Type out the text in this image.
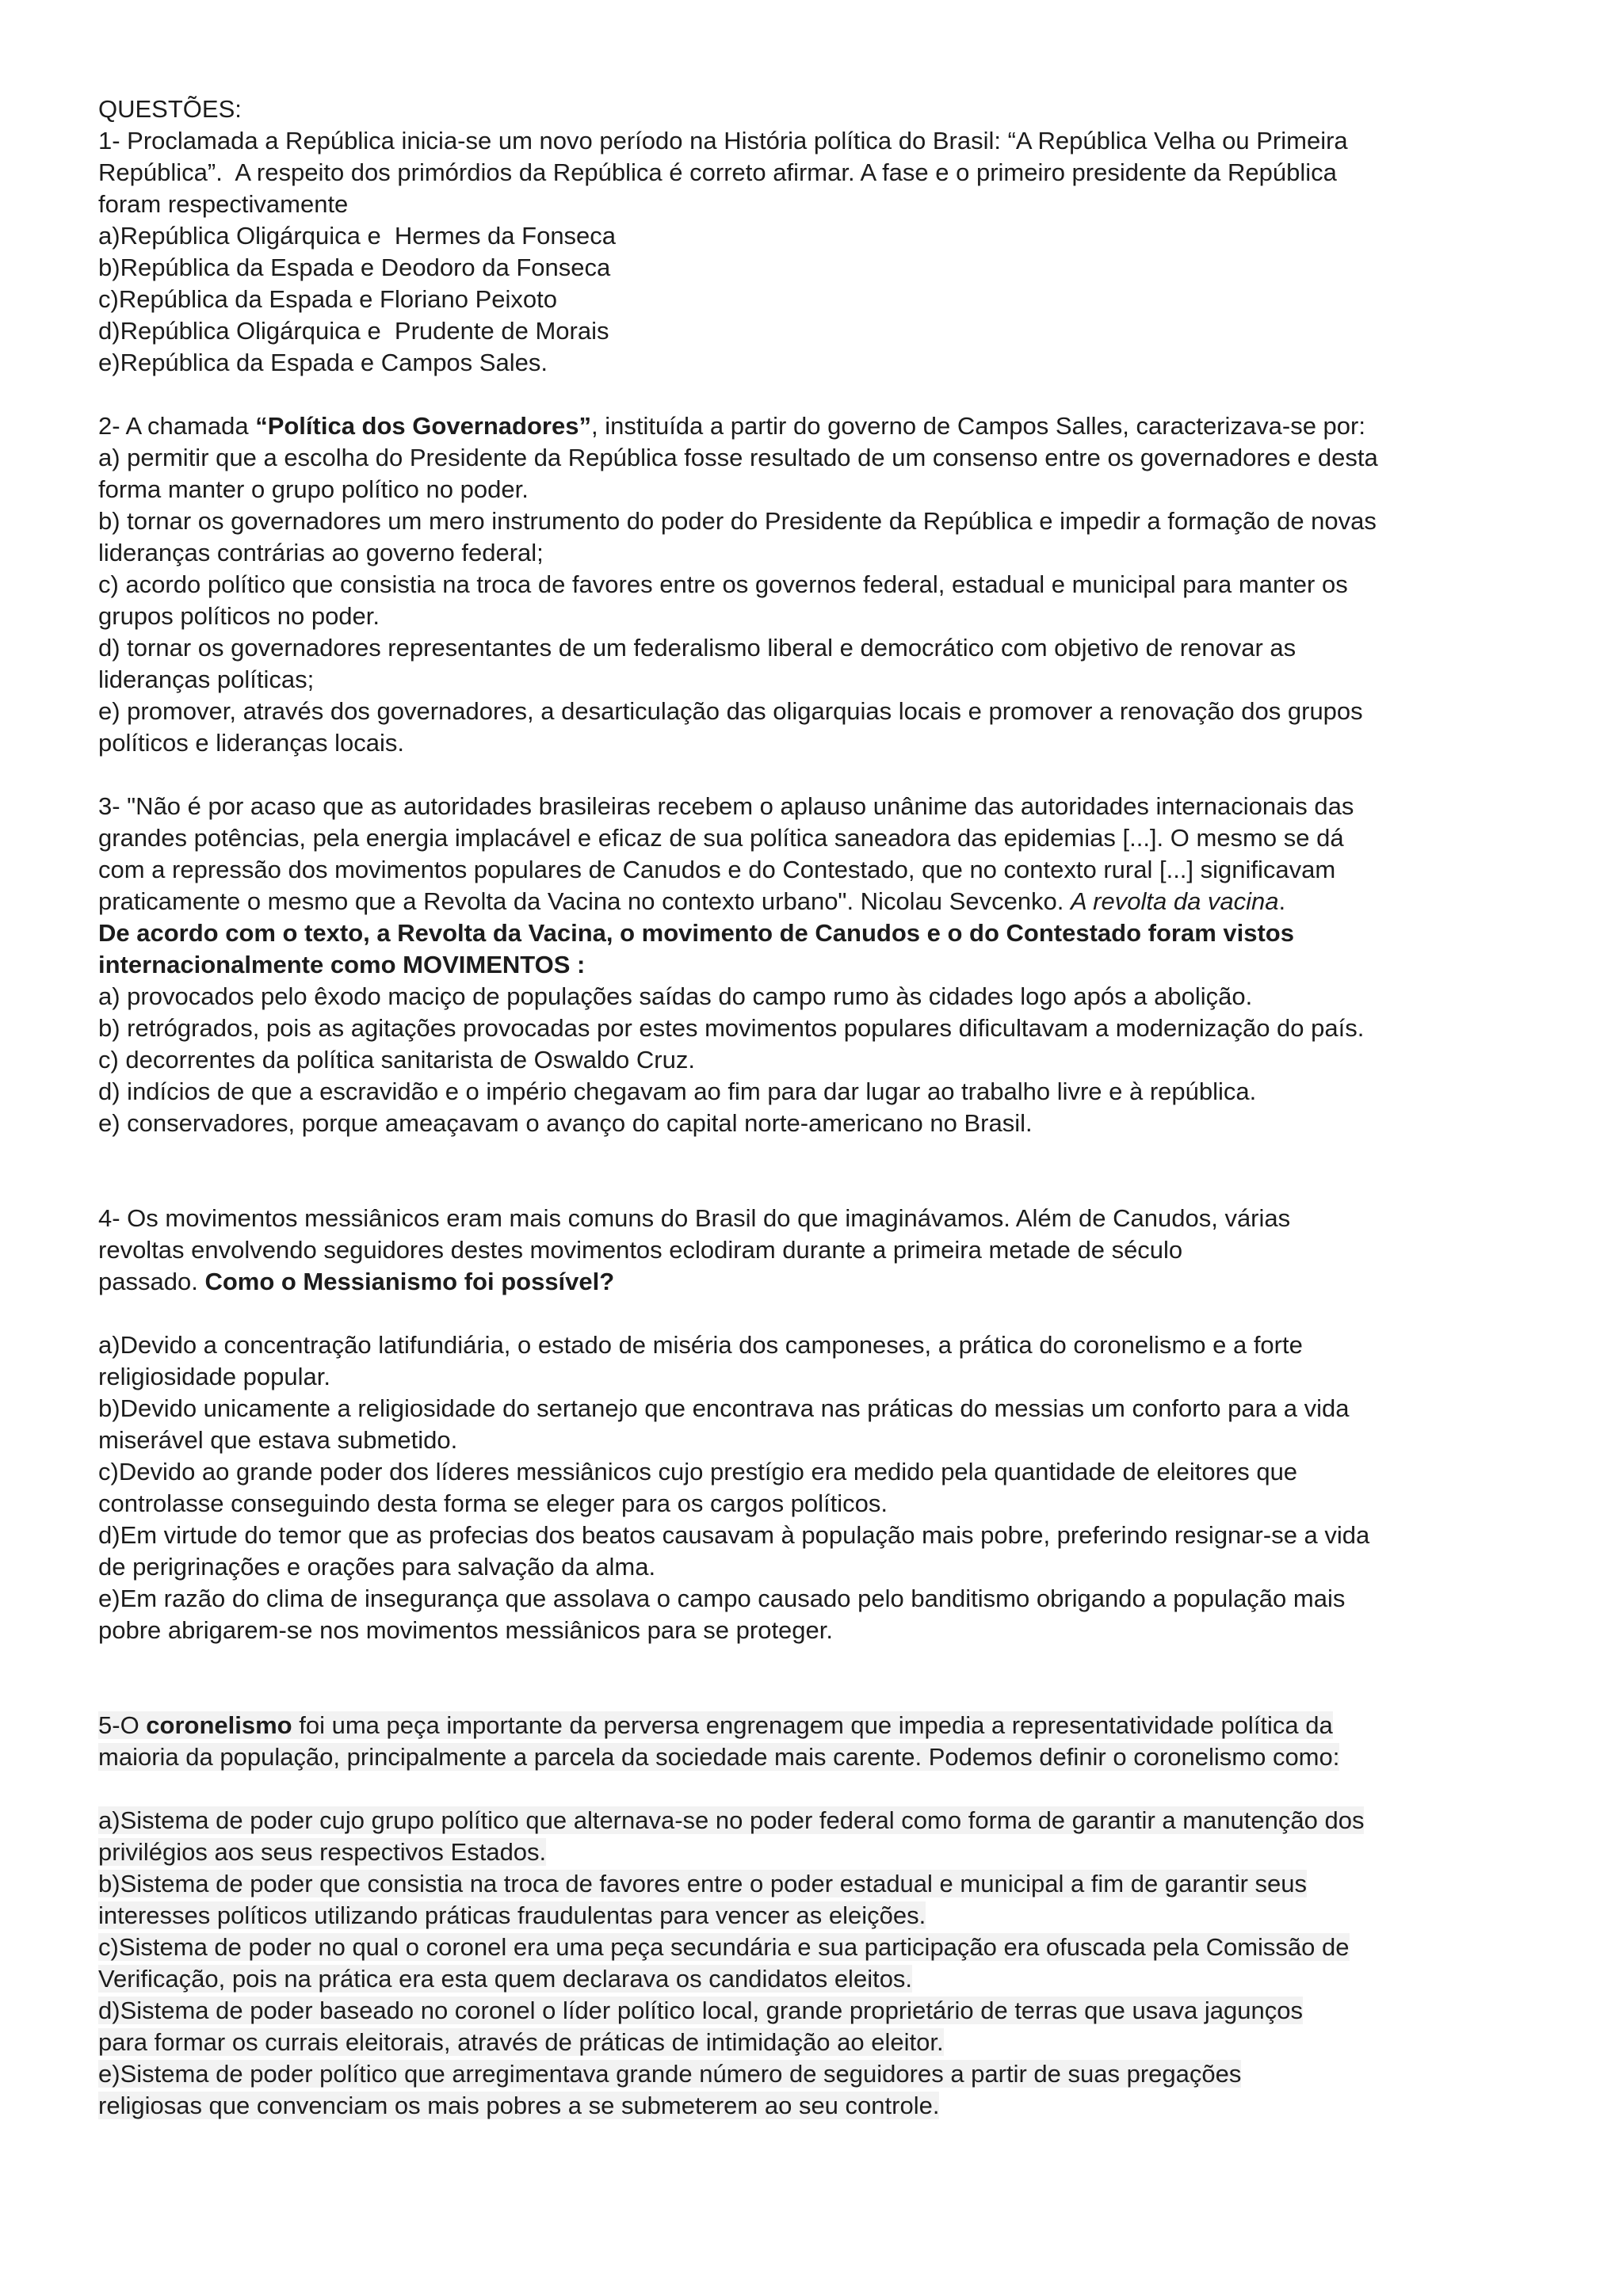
QUESTÕES:

1- Proclamada a República inicia-se um novo período na História política do Brasil: “A República Velha ou Primeira

República”.  A respeito dos primórdios da República é correto afirmar. A fase e o primeiro presidente da República

foram respectivamente

a)República Oligárquica e  Hermes da Fonseca

b)República da Espada e Deodoro da Fonseca

c)República da Espada e Floriano Peixoto

d)República Oligárquica e  Prudente de Morais

e)República da Espada e Campos Sales.

2- A chamada “Política dos Governadores”, instituída a partir do governo de Campos Salles, caracterizava-se por:

a) permitir que a escolha do Presidente da República fosse resultado de um consenso entre os governadores e desta

forma manter o grupo político no poder.

b) tornar os governadores um mero instrumento do poder do Presidente da República e impedir a formação de novas

lideranças contrárias ao governo federal;

c) acordo político que consistia na troca de favores entre os governos federal, estadual e municipal para manter os

grupos políticos no poder.

d) tornar os governadores representantes de um federalismo liberal e democrático com objetivo de renovar as

lideranças políticas;

e) promover, através dos governadores, a desarticulação das oligarquias locais e promover a renovação dos grupos

políticos e lideranças locais.

3- "Não é por acaso que as autoridades brasileiras recebem o aplauso unânime das autoridades internacionais das

grandes potências, pela energia implacável e eficaz de sua política saneadora das epidemias [...]. O mesmo se dá

com a repressão dos movimentos populares de Canudos e do Contestado, que no contexto rural [...] significavam

praticamente o mesmo que a Revolta da Vacina no contexto urbano". Nicolau Sevcenko. A revolta da vacina.

De acordo com o texto, a Revolta da Vacina, o movimento de Canudos e o do Contestado foram vistos

internacionalmente como MOVIMENTOS :

a) provocados pelo êxodo maciço de populações saídas do campo rumo às cidades logo após a abolição.

b) retrógrados, pois as agitações provocadas por estes movimentos populares dificultavam a modernização do país.

c) decorrentes da política sanitarista de Oswaldo Cruz.

d) indícios de que a escravidão e o império chegavam ao fim para dar lugar ao trabalho livre e à república.

e) conservadores, porque ameaçavam o avanço do capital norte-americano no Brasil.

4- Os movimentos messiânicos eram mais comuns do Brasil do que imaginávamos. Além de Canudos, várias

revoltas envolvendo seguidores destes movimentos eclodiram durante a primeira metade de século

passado. Como o Messianismo foi possível?

a)Devido a concentração latifundiária, o estado de miséria dos camponeses, a prática do coronelismo e a forte

religiosidade popular.

b)Devido unicamente a religiosidade do sertanejo que encontrava nas práticas do messias um conforto para a vida

miserável que estava submetido.

c)Devido ao grande poder dos líderes messiânicos cujo prestígio era medido pela quantidade de eleitores que

controlasse conseguindo desta forma se eleger para os cargos políticos.

d)Em virtude do temor que as profecias dos beatos causavam à população mais pobre, preferindo resignar-se a vida

de perigrinações e orações para salvação da alma.

e)Em razão do clima de insegurança que assolava o campo causado pelo banditismo obrigando a população mais

pobre abrigarem-se nos movimentos messiânicos para se proteger.

5-O coronelismo foi uma peça importante da perversa engrenagem que impedia a representatividade política da

maioria da população, principalmente a parcela da sociedade mais carente. Podemos definir o coronelismo como:

a)Sistema de poder cujo grupo político que alternava-se no poder federal como forma de garantir a manutenção dos

privilégios aos seus respectivos Estados.

b)Sistema de poder que consistia na troca de favores entre o poder estadual e municipal a fim de garantir seus

interesses políticos utilizando práticas fraudulentas para vencer as eleições.

c)Sistema de poder no qual o coronel era uma peça secundária e sua participação era ofuscada pela Comissão de

Verificação, pois na prática era esta quem declarava os candidatos eleitos.

d)Sistema de poder baseado no coronel o líder político local, grande proprietário de terras que usava jagunços

para formar os currais eleitorais, através de práticas de intimidação ao eleitor.

e)Sistema de poder político que arregimentava grande número de seguidores a partir de suas pregações

religiosas que convenciam os mais pobres a se submeterem ao seu controle.
